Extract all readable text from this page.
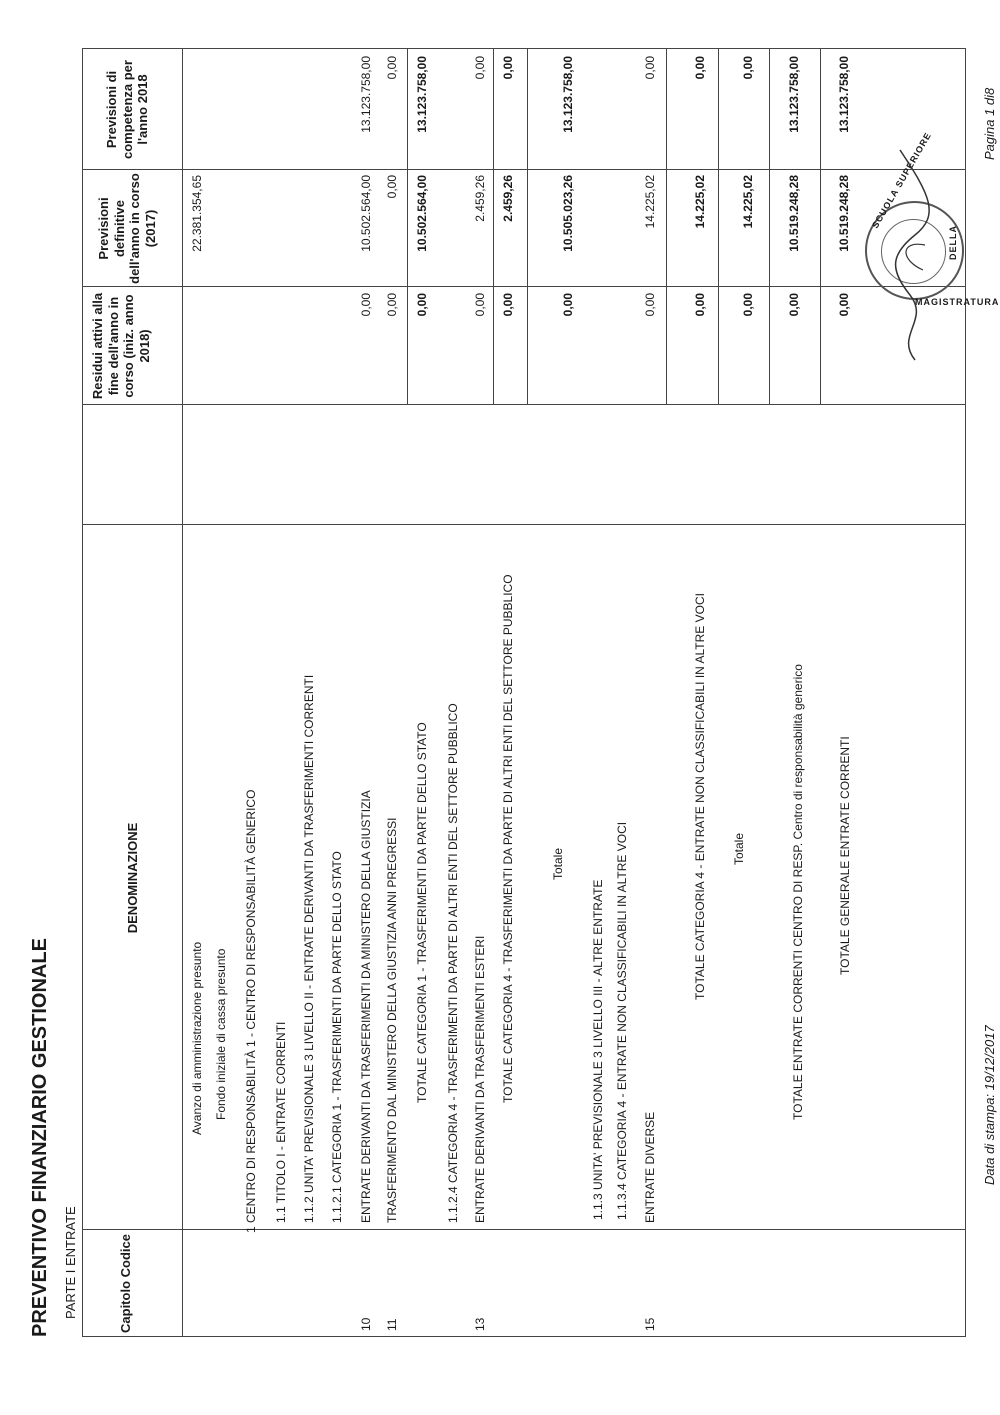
PREVENTIVO FINANZIARIO GESTIONALE PARTE I ENTRATE	Capitolo Codice
DENOMINAZIONE
Residui attivi alla fine dell'anno in corso (iniz. anno 2018)
Previsioni definitive dell'anno in corso (2017)
Previsioni di competenza per l'anno 2018
Avanzo di amministrazione presunto
22.381.354,65
Fondo iniziale di cassa presunto 1 CENTRO DI RESPONSABILITÀ 1 - CENTRO DI RESPONSABILITÀ GENERICO 1.1 TITOLO I - ENTRATE CORRENTI 1.1.2 UNITA' PREVISIONALE 3 LIVELLO II - ENTRATE DERIVANTI DA TRASFERIMENTI CORRENTI 1.1.2.1 CATEGORIA 1 - TRASFERIMENTI DA PARTE DELLO STATO
10
ENTRATE DERIVANTI DA TRASFERIMENTI DA MINISTERO DELLA GIUSTIZIA
0,00
10.502.564,00
13.123.758,00
11
TRASFERIMENTO DAL MINISTERO DELLA GIUSTIZIA ANNI PREGRESSI
0,00
0,00
0,00
TOTALE CATEGORIA 1 - TRASFERIMENTI DA PARTE DELLO STATO
0,00
10.502.564,00
13.123.758,00
1.1.2.4 CATEGORIA 4 - TRASFERIMENTI DA PARTE DI ALTRI ENTI DEL SETTORE PUBBLICO
13
ENTRATE DERIVANTI DA TRASFERIMENTI ESTERI
0,00
2.459,26
0,00
TOTALE CATEGORIA 4 - TRASFERIMENTI DA PARTE DI ALTRI ENTI DEL SETTORE PUBBLICO
0,00
2.459,26
0,00
Totale
0,00
10.505.023,26
13.123.758,00
1.1.3 UNITA' PREVISIONALE 3 LIVELLO III - ALTRE ENTRATE 1.1.3.4 CATEGORIA 4 - ENTRATE NON CLASSIFICABILI IN ALTRE VOCI
15
ENTRATE DIVERSE
0,00
14.225,02
0,00
TOTALE CATEGORIA 4 - ENTRATE NON CLASSIFICABILI IN ALTRE VOCI
0,00
14.225,02
0,00
Totale
0,00
14.225,02
0,00
TOTALE ENTRATE CORRENTI CENTRO DI RESP. Centro di responsabilità generico
0,00
10.519.248,28
13.123.758,00
TOTALE GENERALE ENTRATE CORRENTI
0,00
10.519.248,28
13.123.758,00
Data di stampa: 19/12/2017
Pagina 1 di8
MAGISTRATURA
SCUOLA SUPERIORE
DELLA
